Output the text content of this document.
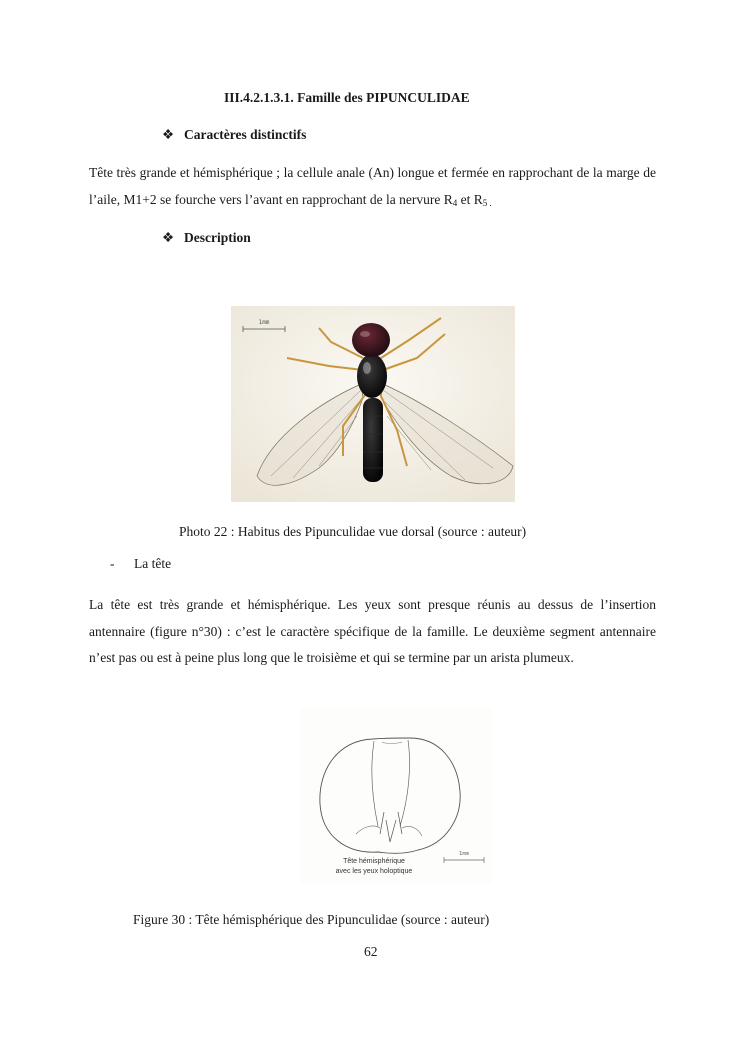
III.4.2.1.3.1. Famille des PIPUNCULIDAE
❖ Caractères distinctifs
Tête très grande et hémisphérique ; la cellule anale (An) longue et fermée en rapprochant de la marge de l’aile, M1+2 se fourche vers l’avant en rapprochant de la nervure $R_4$ et $R_{5 .}$
❖ Description
1mm
Photo 22 : Habitus des Pipunculidae vue dorsal (source : auteur)
- La tête
La tête est très grande et hémisphérique. Les yeux sont presque réunis au dessus de l’insertion antennaire (figure n°30) : c’est le caractère spécifique de la famille. Le deuxième segment antennaire n’est pas ou est à peine plus long que le troisième et qui se termine par un arista plumeux.
1mm
Tête hémisphérique
avec les yeux holoptique
Figure 30 : Tête hémisphérique des Pipunculidae (source : auteur)
62
